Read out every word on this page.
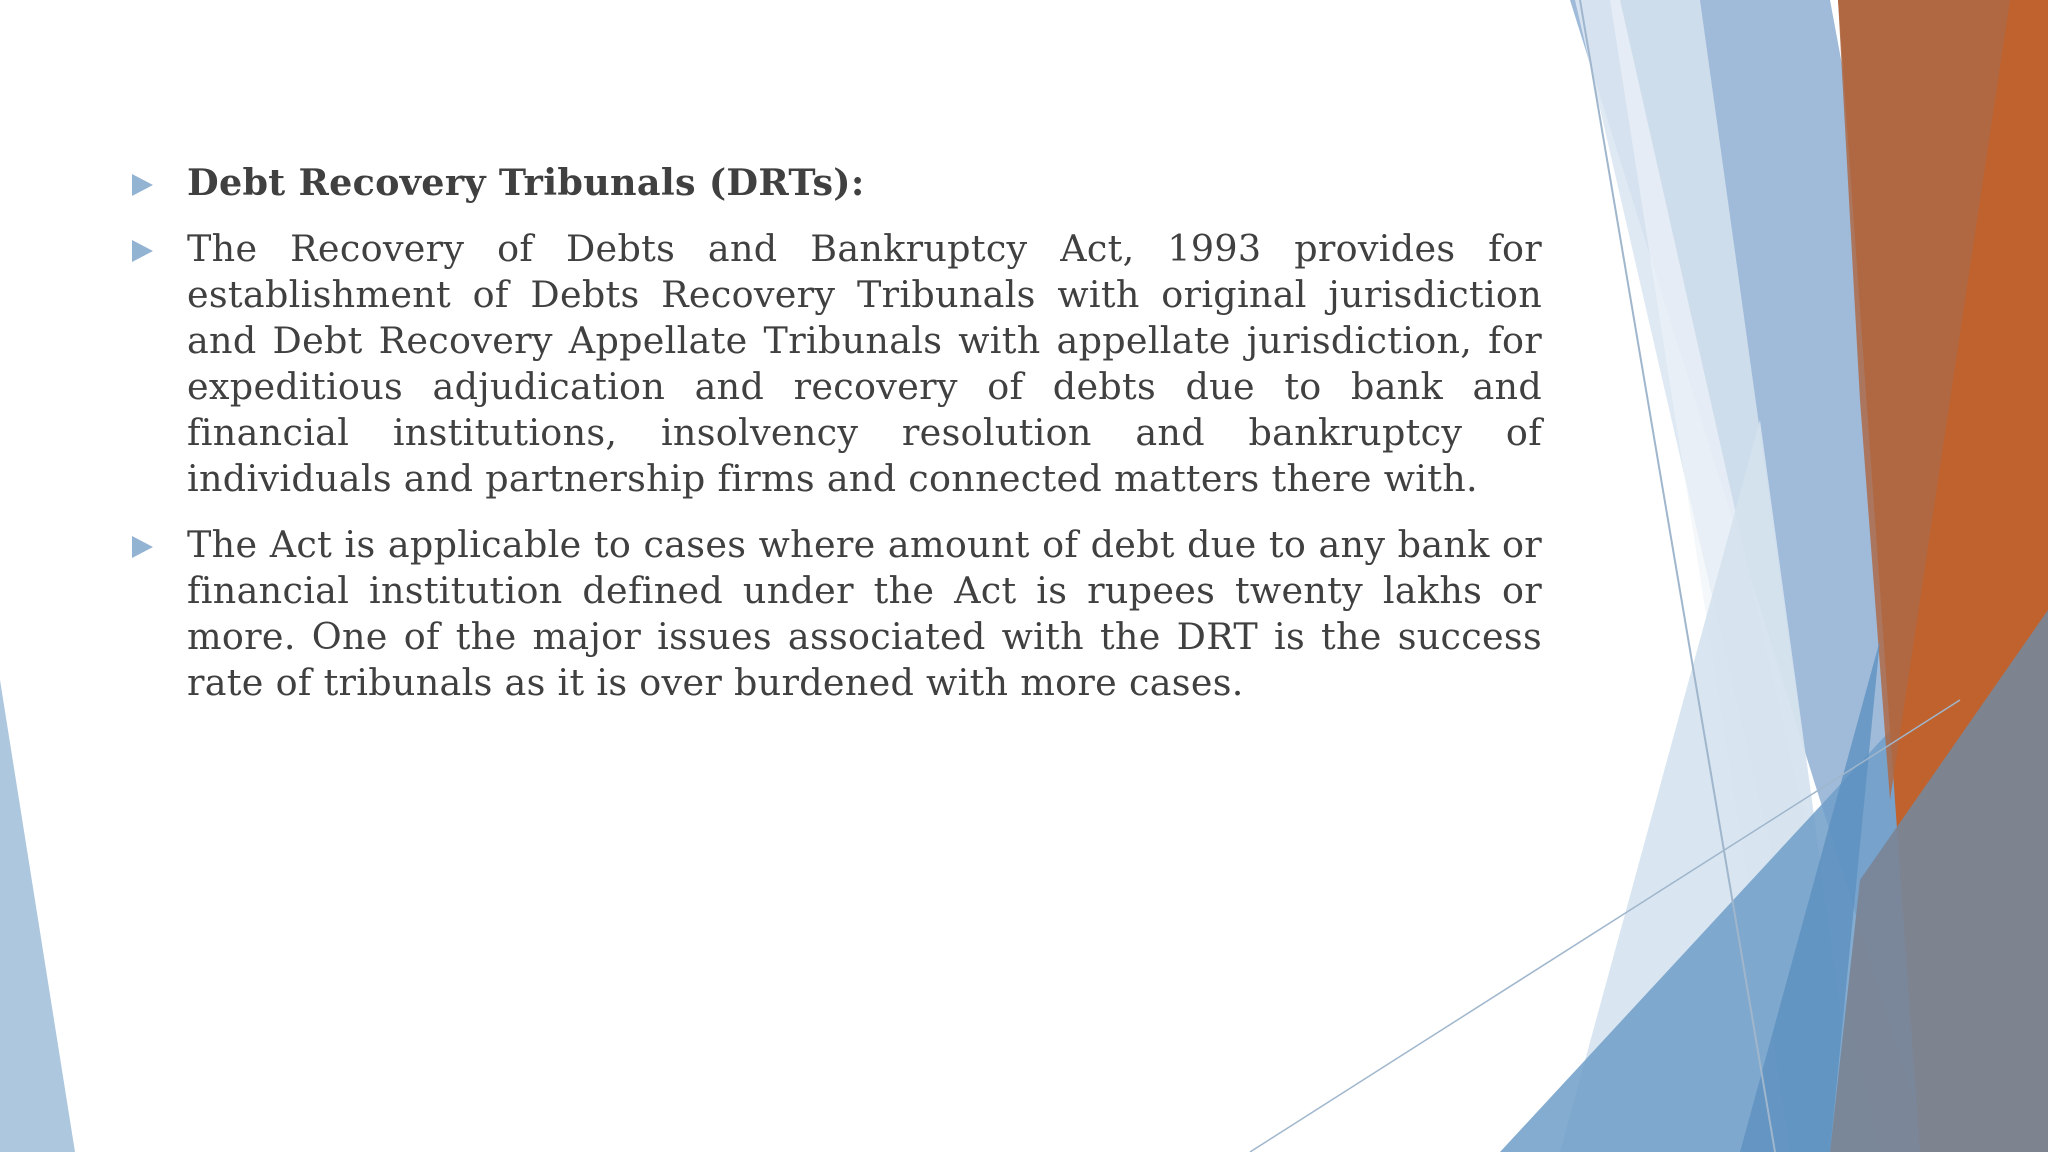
Debt Recovery Tribunals (DRTs):
The Recovery of Debts and Bankruptcy Act, 1993 provides for establishment of Debts Recovery Tribunals with original jurisdiction and Debt Recovery Appellate Tribunals with appellate jurisdiction, for expeditious adjudication and recovery of debts due to bank and financial institutions, insolvency resolution and bankruptcy of individuals and partnership firms and connected matters there with.
The Act is applicable to cases where amount of debt due to any bank or financial institution defined under the Act is rupees twenty lakhs or more. One of the major issues associated with the DRT is the success rate of tribunals as it is over burdened with more cases.
